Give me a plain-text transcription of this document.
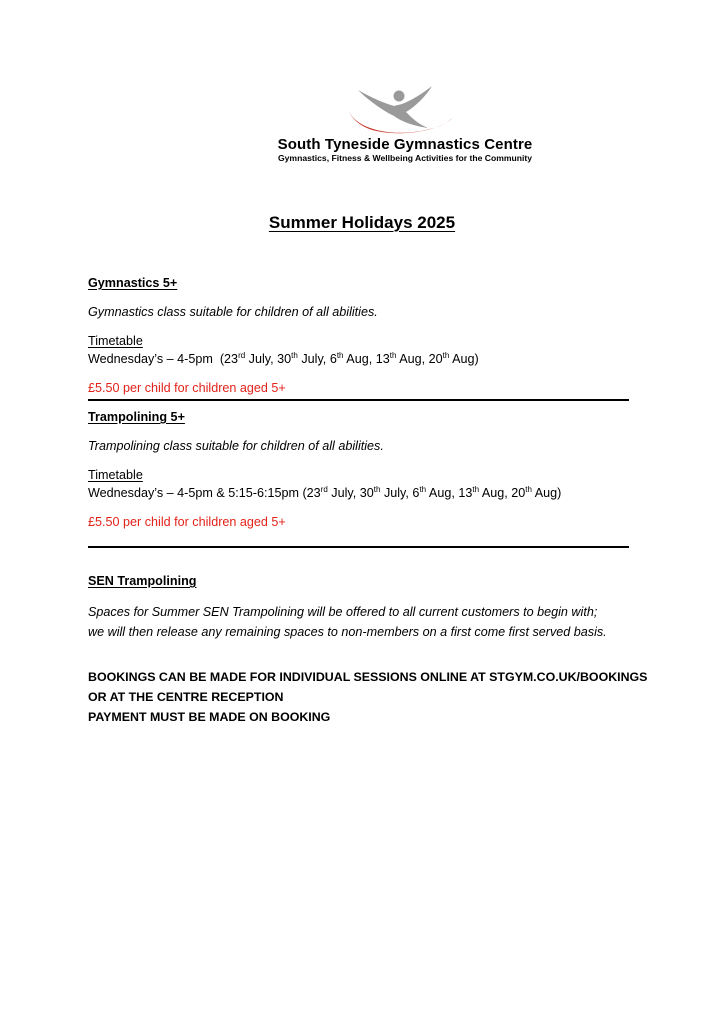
South Tyneside Gymnastics Centre
Gymnastics, Fitness & Wellbeing Activities for the Community
Summer Holidays 2025
Gymnastics 5+
Gymnastics class suitable for children of all abilities.
Timetable
Wednesday’s – 4-5pm  (23rd July, 30th July, 6th Aug, 13th Aug, 20th Aug)
£5.50 per child for children aged 5+
Trampolining 5+
Trampolining class suitable for children of all abilities.
Timetable
Wednesday’s – 4-5pm & 5:15-6:15pm (23rd July, 30th July, 6th Aug, 13th Aug, 20th Aug)
£5.50 per child for children aged 5+
SEN Trampolining
Spaces for Summer SEN Trampolining will be offered to all current customers to begin with;
we will then release any remaining spaces to non-members on a first come first served basis.
BOOKINGS CAN BE MADE FOR INDIVIDUAL SESSIONS ONLINE AT STGYM.CO.UK/BOOKINGS
OR AT THE CENTRE RECEPTION
PAYMENT MUST BE MADE ON BOOKING
